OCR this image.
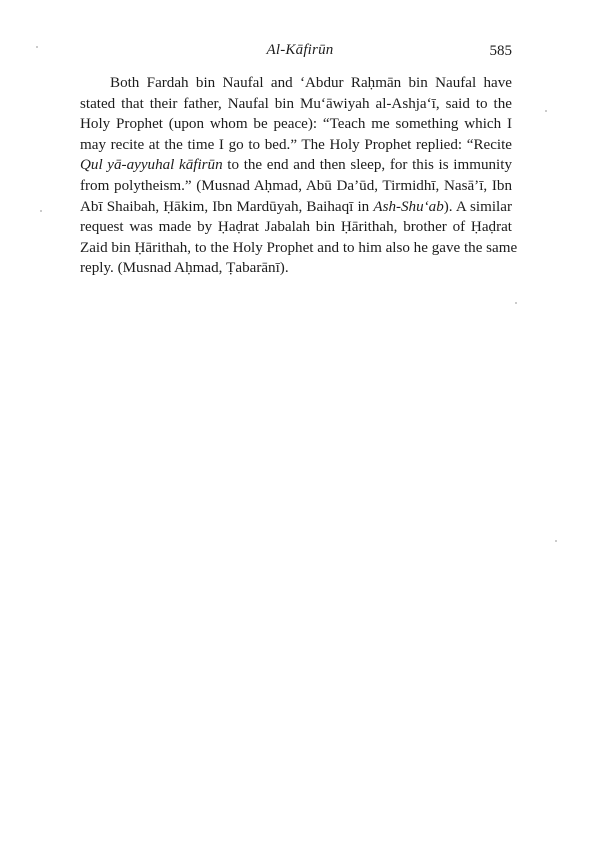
Al-Kāfirūn	585
Both Fardah bin Naufal and ‘Abdur Raḥmān bin Naufal have
stated that their father, Naufal bin Mu‘āwiyah al-Ashja‘ī, said to the
Holy Prophet (upon whom be peace): “Teach me something which I
may recite at the time I go to bed.” The Holy Prophet replied: “Recite
Qul yā-ayyuhal kāfirūn to the end and then sleep, for this is immunity
from polytheism.” (Musnad Aḥmad, Abū Da’ūd, Tirmidhī, Nasā’ī, Ibn
Abī Shaibah, Ḥākim, Ibn Mardūyah, Baihaqī in Ash-Shu‘ab). A similar
request was made by Ḥaḍrat Jabalah bin Ḥārithah, brother of Ḥaḍrat
Zaid bin Ḥārithah, to the Holy Prophet and to him also he gave the same
reply. (Musnad Aḥmad, Ṭabarānī).
